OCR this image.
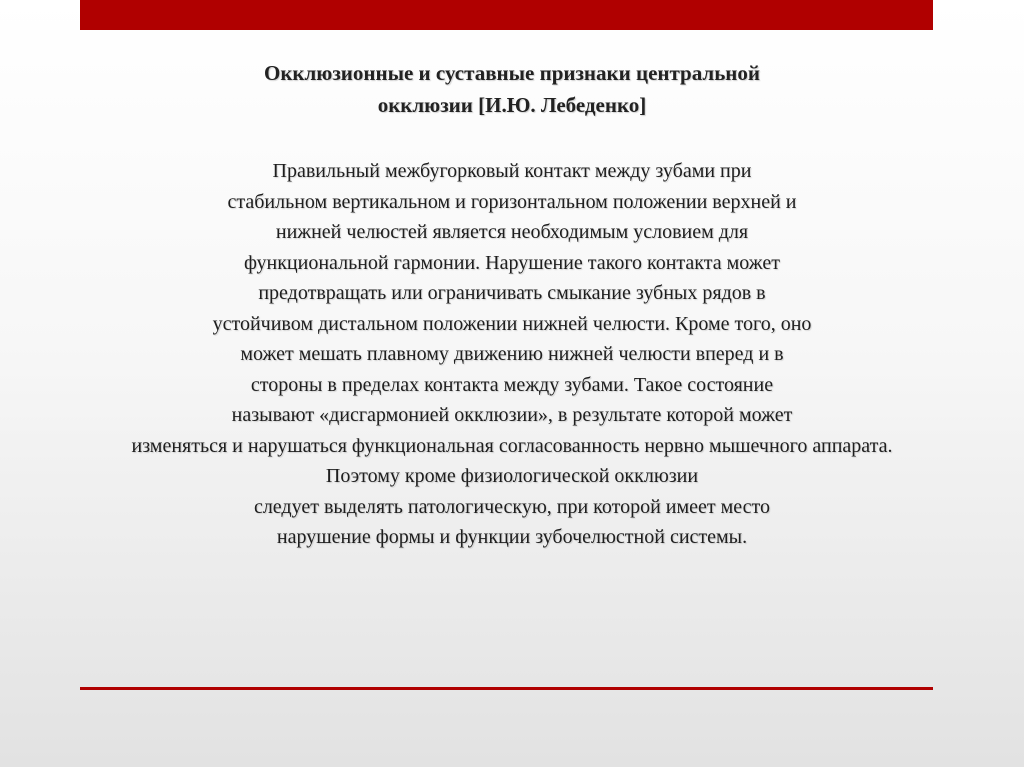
Окклюзионные и суставные признаки центральной
окклюзии [И.Ю. Лебеденко]
Правильный межбугорковый контакт между зубами при
стабильном вертикальном и горизонтальном положении верхней и
нижней челюстей является необходимым условием для
функциональной гармонии. Нарушение такого контакта может
предотвращать или ограничивать смыкание зубных рядов в
устойчивом дистальном положении нижней челюсти. Кроме того, оно
может мешать плавному движению нижней челюсти вперед и в
стороны в пределах контакта между зубами. Такое состояние
называют «дисгармонией окклюзии», в результате которой может
изменяться и нарушаться функциональная согласованность нервно мышечного аппарата.
Поэтому кроме физиологической окклюзии
следует выделять патологическую, при которой имеет место
нарушение формы и функции зубочелюстной системы.
